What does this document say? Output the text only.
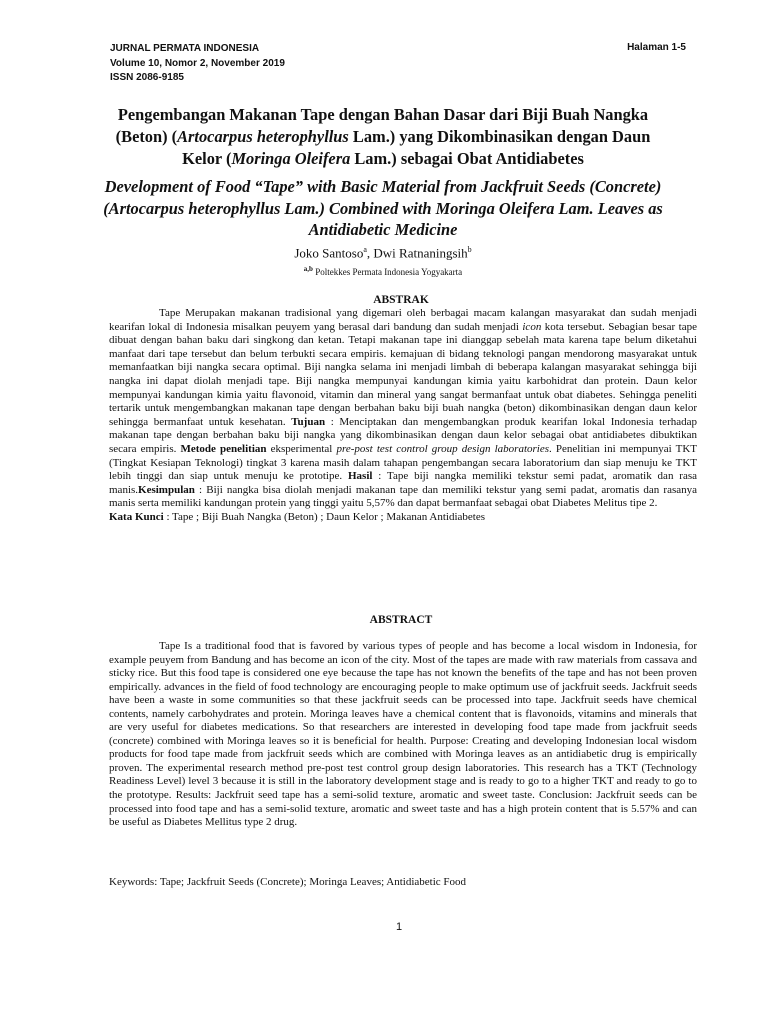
JURNAL PERMATA INDONESIA
Volume 10, Nomor 2, November 2019
ISSN 2086-9185
Halaman 1-5
Pengembangan Makanan Tape dengan Bahan Dasar dari Biji Buah Nangka (Beton) (Artocarpus heterophyllus Lam.) yang Dikombinasikan dengan Daun Kelor (Moringa Oleifera Lam.) sebagai Obat Antidiabetes
Development of Food “Tape” with Basic Material from Jackfruit Seeds (Concrete) (Artocarpus heterophyllus Lam.) Combined with Moringa Oleifera Lam. Leaves as Antidiabetic Medicine
Joko Santoso$^a$, Dwi Ratnaningsih$^b$
$^{a,b}$ Poltekkes Permata Indonesia Yogyakarta
ABSTRAK

Tape Merupakan makanan tradisional yang digemari oleh berbagai macam kalangan masyarakat dan sudah menjadi kearifan lokal di Indonesia misalkan peuyem yang berasal dari bandung dan sudah menjadi icon kota tersebut. Sebagian besar tape dibuat dengan bahan baku dari singkong dan ketan. Tetapi makanan tape ini dianggap sebelah mata karena tape belum diketahui manfaat dari tape tersebut dan belum terbukti secara empiris. kemajuan di bidang teknologi pangan mendorong masyarakat untuk memanfaatkan biji nangka secara optimal. Biji nangka selama ini menjadi limbah di beberapa kalangan masyarakat sehingga biji nangka ini dapat diolah menjadi tape. Biji nangka mempunyai kandungan kimia yaitu karbohidrat dan protein. Daun kelor mempunyai kandungan kimia yaitu flavonoid, vitamin dan mineral yang sangat bermanfaat untuk obat diabetes. Sehingga peneliti tertarik untuk mengembangkan makanan tape dengan berbahan baku biji buah nangka (beton) dikombinasikan dengan daun kelor sehingga bermanfaat untuk kesehatan. Tujuan : Menciptakan dan mengembangkan produk kearifan lokal Indonesia terhadap makanan tape dengan berbahan baku biji nangka yang dikombinasikan dengan daun kelor sebagai obat antidiabetes dibuktikan secara empiris. Metode penelitian eksperimental pre-post test control group design laboratories. Penelitian ini mempunyai TKT (Tingkat Kesiapan Teknologi) tingkat 3 karena masih dalam tahapan pengembangan secara laboratorium dan siap menuju ke TKT lebih tinggi dan siap untuk menuju ke prototipe. Hasil : Tape biji nangka memiliki tekstur semi padat, aromatik dan rasa manis.Kesimpulan : Biji nangka bisa diolah menjadi makanan tape dan memiliki tekstur yang semi padat, aromatis dan rasanya manis serta memiliki kandungan protein yang tinggi yaitu 5,57% dan dapat bermanfaat sebagai obat Diabetes Melitus tipe 2.

Kata Kunci : Tape ; Biji Buah Nangka (Beton) ; Daun Kelor ; Makanan Antidiabetes

ABSTRACT

Tape Is a traditional food that is favored by various types of people and has become a local wisdom in Indonesia, for example peuyem from Bandung and has become an icon of the city. Most of the tapes are made with raw materials from cassava and sticky rice. But this food tape is considered one eye because the tape has not known the benefits of the tape and has not been proven empirically. advances in the field of food technology are encouraging people to make optimum use of jackfruit seeds. Jackfruit seeds have been a waste in some communities so that these jackfruit seeds can be processed into tape. Jackfruit seeds have chemical contents, namely carbohydrates and protein. Moringa leaves have a chemical content that is flavonoids, vitamins and minerals that are very useful for diabetes medications. So that researchers are interested in developing food tape made from jackfruit seeds (concrete) combined with Moringa leaves so it is beneficial for health. Purpose: Creating and developing Indonesian local wisdom products for food tape made from jackfruit seeds which are combined with Moringa leaves as an antidiabetic drug is empirically proven. The experimental research method pre-post test control group design laboratories. This research has a TKT (Technology Readiness Level) level 3 because it is still in the laboratory development stage and is ready to go to a higher TKT and ready to go to the prototype. Results: Jackfruit seed tape has a semi-solid texture, aromatic and sweet taste. Conclusion: Jackfruit seeds can be processed into food tape and has a semi-solid texture, aromatic and sweet taste and has a high protein content that is 5.57% and can be useful as Diabetes Mellitus type 2 drug.

Keywords: Tape; Jackfruit Seeds (Concrete); Moringa Leaves; Antidiabetic Food
1
